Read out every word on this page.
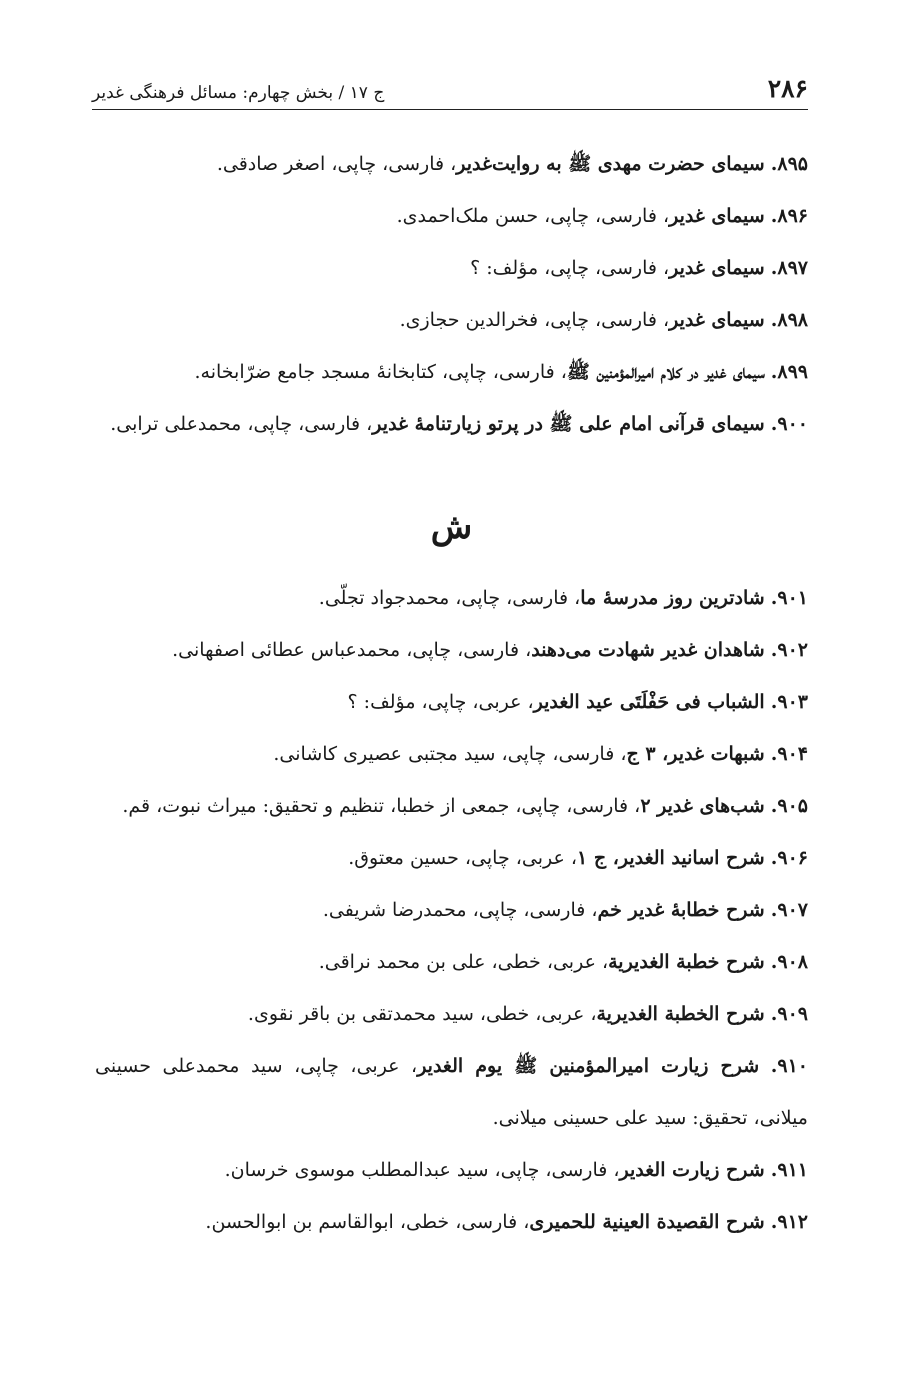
۲۸۶
ج ۱۷ / بخش چهارم: مسائل فرهنگی غدیر

۸۹۵. سیمای حضرت مهدی ﷺ به روایت‌غدیر، فارسی، چاپی، اصغر صادقی.

۸۹۶. سیمای غدیر، فارسی، چاپی، حسن ملک‌احمدی.

۸۹۷. سیمای غدیر، فارسی، چاپی، مؤلف: ؟

۸۹۸. سیمای غدیر، فارسی، چاپی، فخرالدین حجازی.

۸۹۹. سیمای غدیر در کلام امیرالمؤمنین ﷺ، فارسی، چاپی، کتابخانهٔ مسجد جامع ضرّابخانه.

۹۰۰. سیمای قرآنی امام علی ﷺ در پرتو زیارتنامهٔ غدیر، فارسی، چاپی، محمدعلی ترابی.

ش

۹۰۱. شادترین روز مدرسهٔ ما، فارسی، چاپی، محمدجواد تجلّی.

۹۰۲. شاهدان غدیر شهادت می‌دهند، فارسی، چاپی، محمدعباس عطائی اصفهانی.

۹۰۳. الشباب فی حَفْلَتَی عید الغدیر، عربی، چاپی، مؤلف: ؟

۹۰۴. شبهات غدیر، ۳ ج، فارسی، چاپی، سید مجتبی عصیری کاشانی.

۹۰۵. شب‌های غدیر ۲، فارسی، چاپی، جمعی از خطبا، تنظیم و تحقیق: میراث نبوت، قم.

۹۰۶. شرح اسانید الغدیر، ج ۱، عربی، چاپی، حسین معتوق.

۹۰۷. شرح خطابهٔ غدیر خم، فارسی، چاپی، محمدرضا شریفی.

۹۰۸. شرح خطبة الغدیریة، عربی، خطی، علی بن محمد نراقی.

۹۰۹. شرح الخطبة الغدیریة، عربی، خطی، سید محمدتقی بن باقر نقوی.

۹۱۰. شرح زیارت امیرالمؤمنین ﷺ یوم الغدیر، عربی، چاپی، سید محمدعلی حسینی میلانی، تحقیق: سید علی حسینی میلانی.

۹۱۱. شرح زیارت الغدیر، فارسی، چاپی، سید عبدالمطلب موسوی خرسان.

۹۱۲. شرح القصیدة العینیة للحمیری، فارسی، خطی، ابوالقاسم بن ابوالحسن.
